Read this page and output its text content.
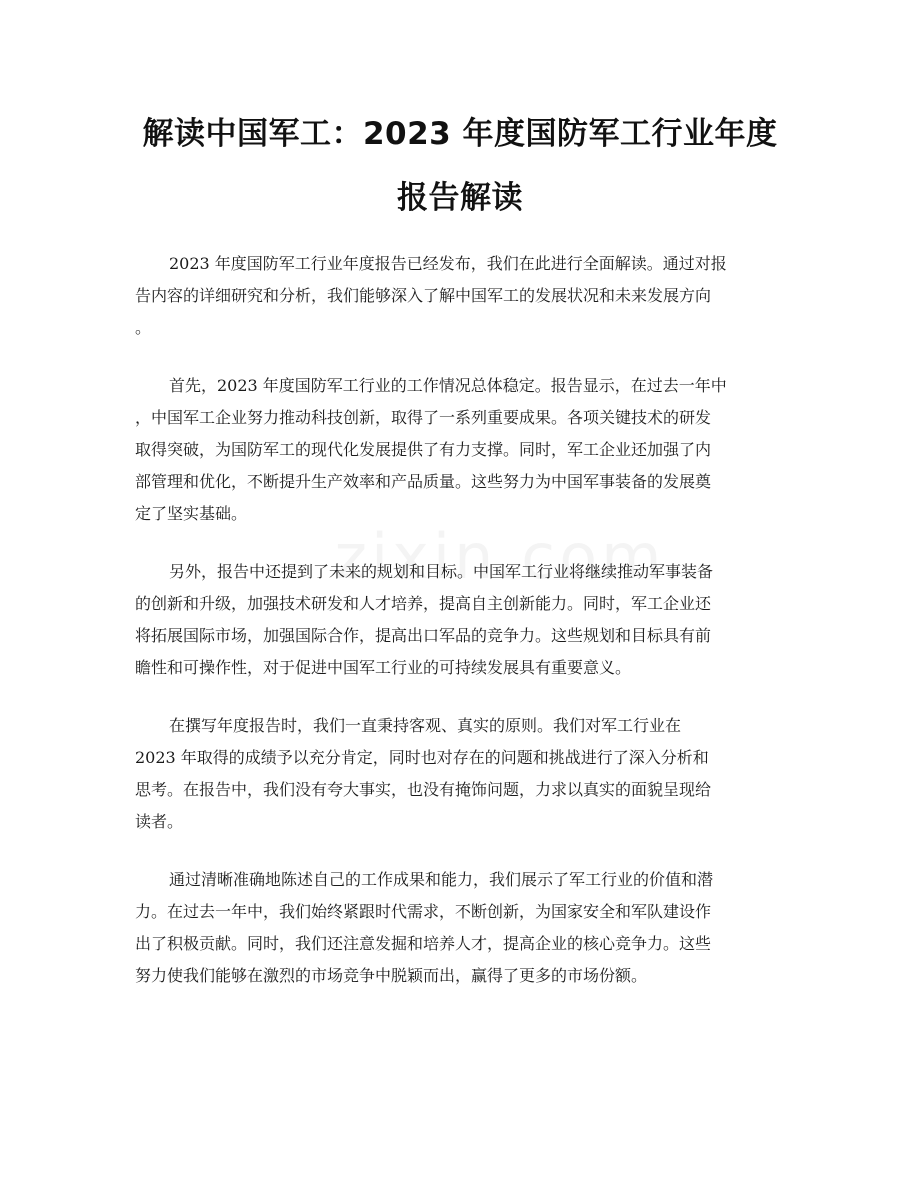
解读中国军工：2023 年度国防军工行业年度
报告解读
2023 年度国防军工行业年度报告已经发布，我们在此进行全面解读。通过对报
告内容的详细研究和分析，我们能够深入了解中国军工的发展状况和未来发展方向
。
首先，2023 年度国防军工行业的工作情况总体稳定。报告显示，在过去一年中
，中国军工企业努力推动科技创新，取得了一系列重要成果。各项关键技术的研发
取得突破，为国防军工的现代化发展提供了有力支撑。同时，军工企业还加强了内
部管理和优化，不断提升生产效率和产品质量。这些努力为中国军事装备的发展奠
定了坚实基础。
另外，报告中还提到了未来的规划和目标。中国军工行业将继续推动军事装备
的创新和升级，加强技术研发和人才培养，提高自主创新能力。同时，军工企业还
将拓展国际市场，加强国际合作，提高出口军品的竞争力。这些规划和目标具有前
瞻性和可操作性，对于促进中国军工行业的可持续发展具有重要意义。
在撰写年度报告时，我们一直秉持客观、真实的原则。我们对军工行业在
2023 年取得的成绩予以充分肯定，同时也对存在的问题和挑战进行了深入分析和
思考。在报告中，我们没有夸大事实，也没有掩饰问题，力求以真实的面貌呈现给
读者。
通过清晰准确地陈述自己的工作成果和能力，我们展示了军工行业的价值和潜
力。在过去一年中，我们始终紧跟时代需求，不断创新，为国家安全和军队建设作
出了积极贡献。同时，我们还注意发掘和培养人才，提高企业的核心竞争力。这些
努力使我们能够在激烈的市场竞争中脱颖而出，赢得了更多的市场份额。
